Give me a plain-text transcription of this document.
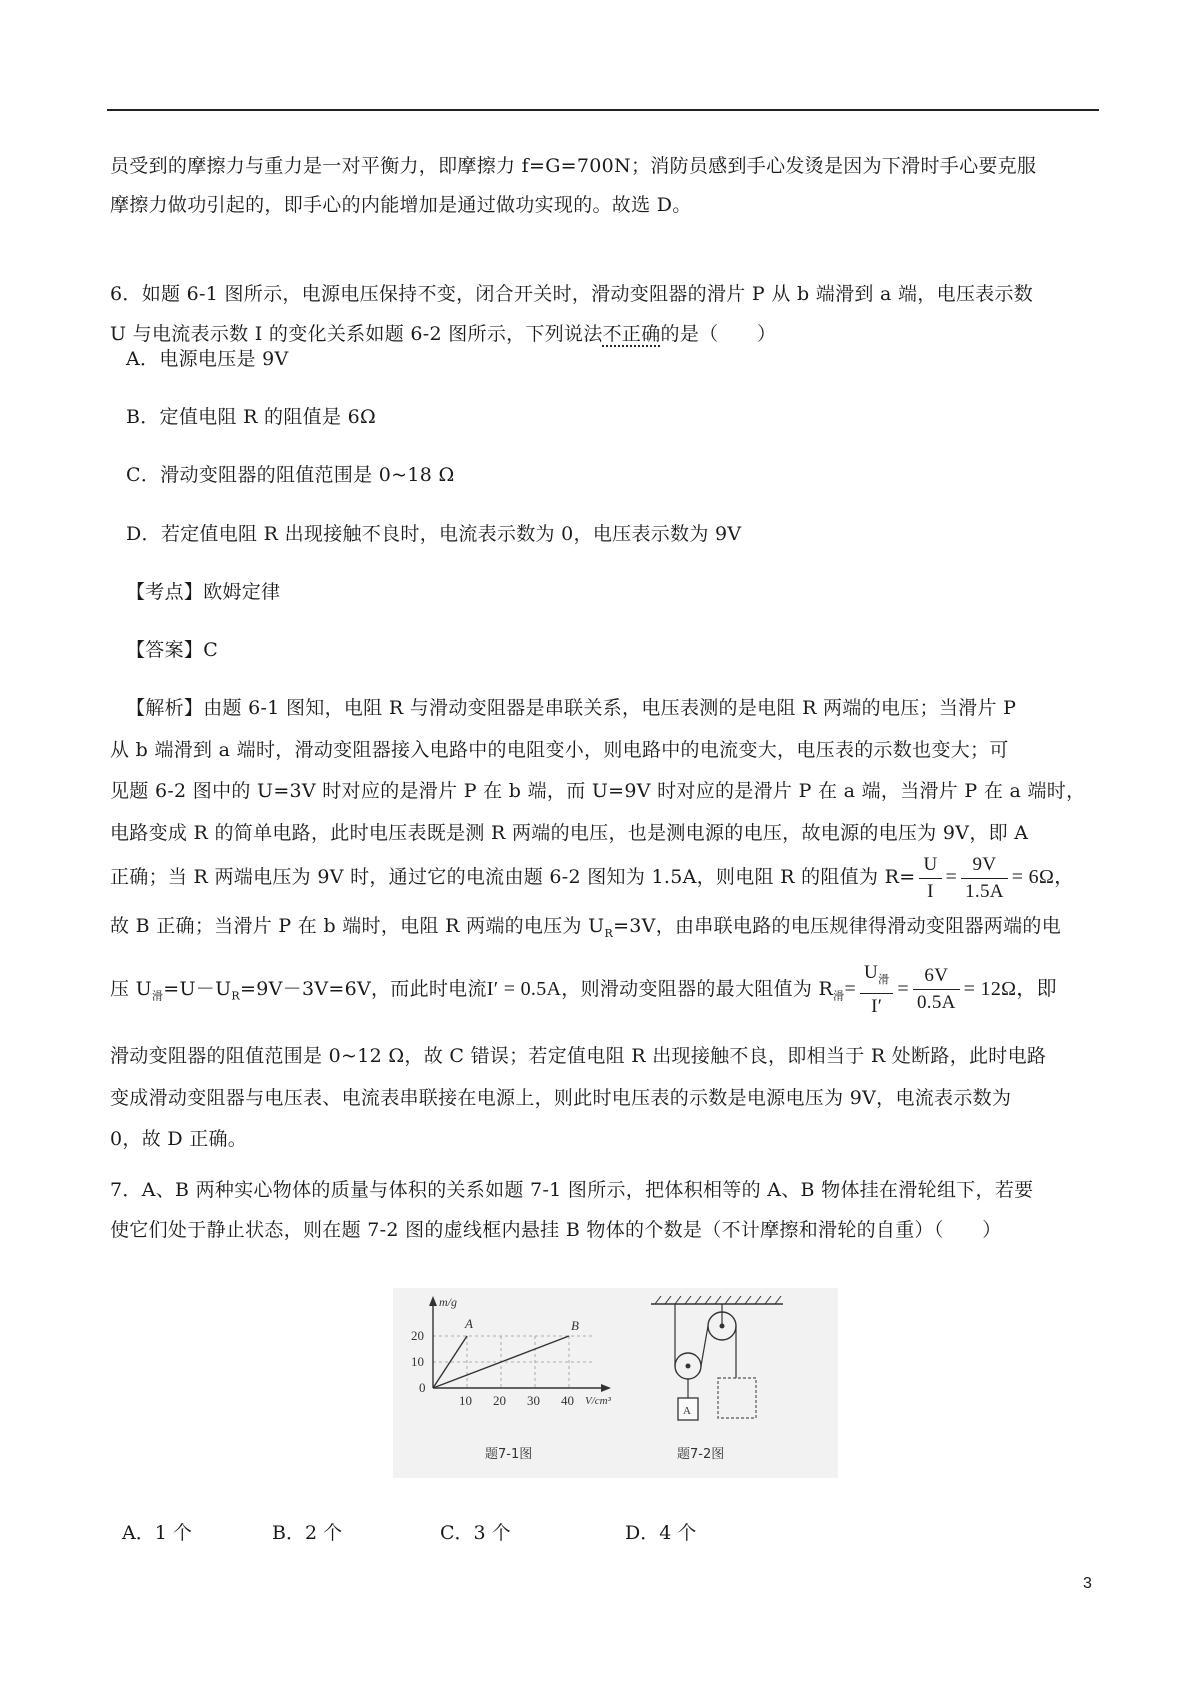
员受到的摩擦力与重力是一对平衡力，即摩擦力 f=G=700N；消防员感到手心发烫是因为下滑时手心要克服
摩擦力做功引起的，即手心的内能增加是通过做功实现的。故选 D。
6．如题 6-1 图所示，电源电压保持不变，闭合开关时，滑动变阻器的滑片 P 从 b 端滑到 a 端，电压表示数
U 与电流表示数 I 的变化关系如题 6-2 图所示，下列说法不正确的是（　　）
A．电源电压是 9V
B．定值电阻 R 的阻值是 6Ω
C．滑动变阻器的阻值范围是 0~18 Ω
D．若定值电阻 R 出现接触不良时，电流表示数为 0，电压表示数为 9V
【考点】欧姆定律
【答案】C
【解析】由题 6-1 图知，电阻 R 与滑动变阻器是串联关系，电压表测的是电阻 R 两端的电压；当滑片 P
从 b 端滑到 a 端时，滑动变阻器接入电路中的电阻变小，则电路中的电流变大，电压表的示数也变大；可
见题 6-2 图中的 U=3V 时对应的是滑片 P 在 b 端，而 U=9V 时对应的是滑片 P 在 a 端，当滑片 P 在 a 端时，
电路变成 R 的简单电路，此时电压表既是测 R 两端的电压，也是测电源的电压，故电源的电压为 9V，即 A
正确；当 R 两端电压为 9V 时，通过它的电流由题 6-2 图知为 1.5A，则电阻 R 的阻值为 $R= \frac{U}{I} = \frac{9V}{1.5A} = 6\Omega$，
故 B 正确；当滑片 P 在 b 端时，电阻 R 两端的电压为 $U_R=3V$，由串联电路的电压规律得滑动变阻器两端的电
压 $U_滑=U-U_R=9V-3V=6V$，而此时电流I′ = 0.5A，则滑动变阻器的最大阻值为 $R_滑= \frac{U_滑}{I'} = \frac{6V}{0.5A} = 12\Omega$，即
滑动变阻器的阻值范围是 0~12 Ω，故 C 错误；若定值电阻 R 出现接触不良，即相当于 R 处断路，此时电路
变成滑动变阻器与电压表、电流表串联接在电源上，则此时电压表的示数是电源电压为 9V，电流表示数为
0，故 D 正确。
7．A、B 两种实心物体的质量与体积的关系如题 7-1 图所示，把体积相等的 A、B 物体挂在滑轮组下，若要
使它们处于静止状态，则在题 7-2 图的虚线框内悬挂 B 物体的个数是（不计摩擦和滑轮的自重）（　　）
m/g
V/cm³
20
10
0
10 20 30 40
A	B
题7-1图
A
题7-2图
A．1 个	B．2 个	C．3 个	D．4 个
3
